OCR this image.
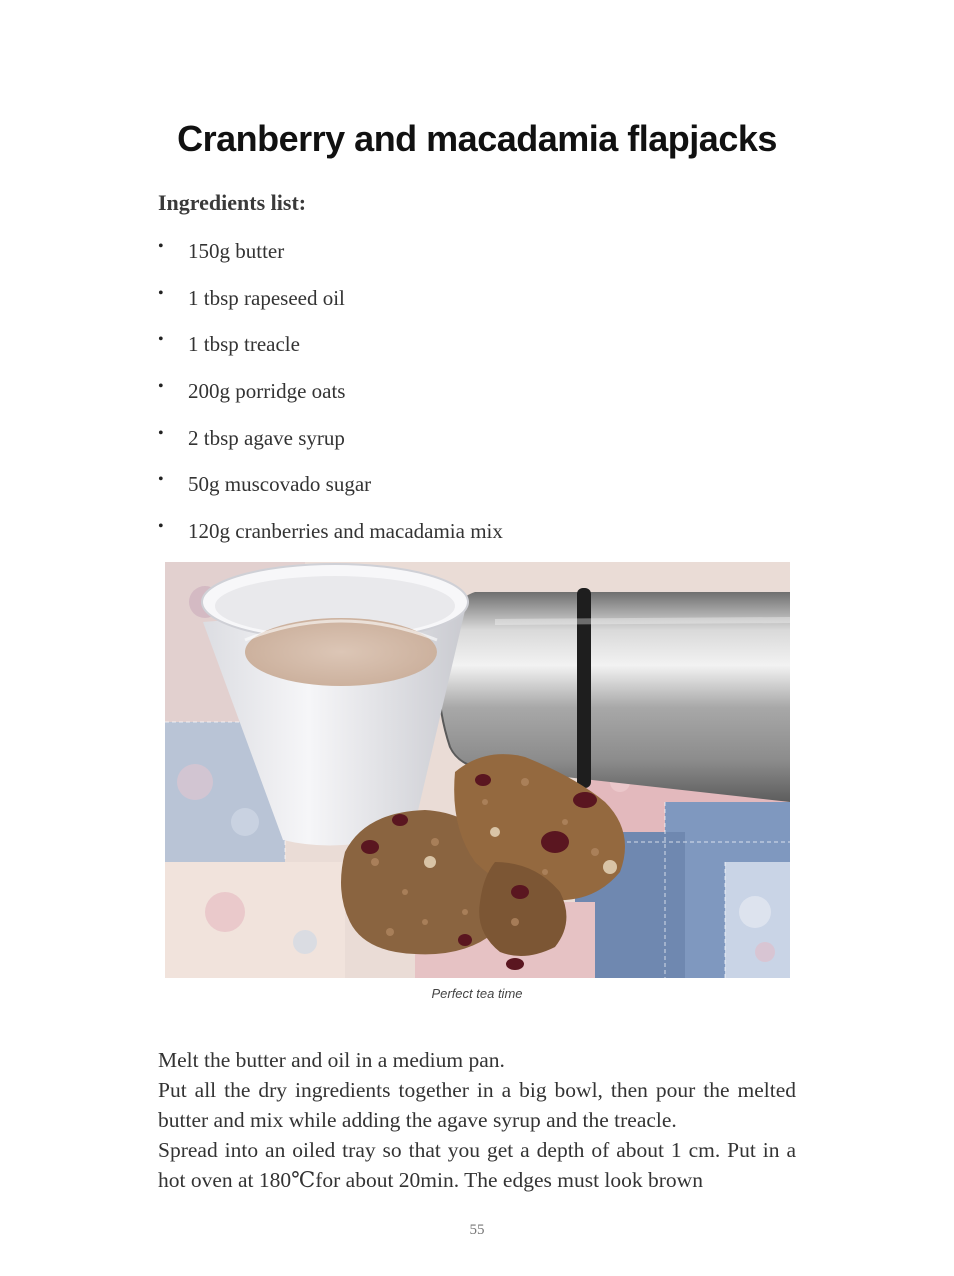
Cranberry and macadamia flapjacks
Ingredients list:
• 150g butter
• 1 tbsp rapeseed oil
• 1 tbsp treacle
• 200g porridge oats
• 2 tbsp agave syrup
• 50g muscovado sugar
• 120g cranberries and macadamia mix
Perfect tea time

Melt the butter and oil in a medium pan.

Put all the dry ingredients together in a big bowl, then pour the melted butter and mix while adding the agave syrup and the treacle.

Spread into an oiled tray so that you get a depth of about 1 cm. Put in a hot oven at 180℃for about 20min. The edges must look brown

55
